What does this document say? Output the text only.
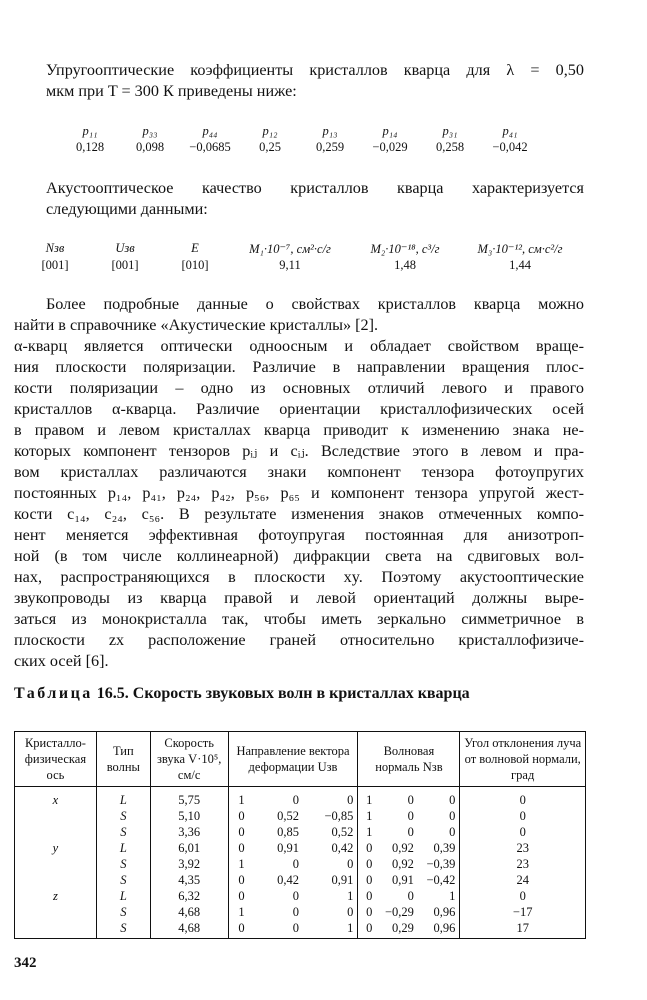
Упругооптические коэффициенты кристаллов кварца для λ = 0,50
мкм при T = 300 К приведены ниже:

p₁₁	p₃₃	p₄₄	p₁₂	p₁₃	p₁₄	p₃₁	p₄₁
0,128	0,098	−0,0685	0,25	0,259	−0,029	0,258	−0,042

Акустооптическое качество кристаллов кварца характеризуется
следующими данными:

Nзв	Uзв	E	M₁·10⁻⁷, см²·с/г	M₂·10⁻¹⁸, с³/г	M₃·10⁻¹², см·с²/г
[001]	[001]	[010]	9,11	1,48	1,44

Более подробные данные о свойствах кристаллов кварца можно
найти в справочнике «Акустические кристаллы» [2].
α-кварц является оптически одноосным и обладает свойством враще-
ния плоскости поляризации. Различие в направлении вращения плос-
кости поляризации – одно из основных отличий левого и правого
кристаллов α-кварца. Различие ориентации кристаллофизических осей
в правом и левом кристаллах кварца приводит к изменению знака не-
которых компонент тензоров pᵢⱼ и cᵢⱼ. Вследствие этого в левом и пра-
вом кристаллах различаются знаки компонент тензора фотоупругих
постоянных p₁₄, p₄₁, p₂₄, p₄₂, p₅₆, p₆₅ и компонент тензора упругой жест-
кости c₁₄, c₂₄, c₅₆. В результате изменения знаков отмеченных компо-
нент меняется эффективная фотоупругая постоянная для анизотроп-
ной (в том числе коллинеарной) дифракции света на сдвиговых вол-
нах, распространяющихся в плоскости xy. Поэтому акустооптические
звукопроводы из кварца правой и левой ориентаций должны выре-
заться из монокристалла так, чтобы иметь зеркально симметричное в
плоскости zx расположение граней относительно кристаллофизиче-
ских осей [6].

Таблица 16.5. Скорость звуковых волн в кристаллах кварца
Кристалло-физическая ось	Тип волны	Скорость звука V·10⁵, см/с	Направление вектора деформации Uзв	Волновая нормаль Nзв	Угол отклонения луча от волновой нормали, град
x	L	5,75	1 0 0	1 0 0	0
	S	5,10	0 0,52 −0,85	1 0 0	0
	S	3,36	0 0,85 0,52	1 0 0	0
y	L	6,01	0 0,91 0,42	0 0,92 0,39	23
	S	3,92	1 0 0	0 0,92 −0,39	23
	S	4,35	0 0,42 0,91	0 0,91 −0,42	24
z	L	6,32	0 0 1	0 0 1	0
	S	4,68	1 0 0	0 −0,29 0,96	−17
	S	4,68	0 0 1	0 0,29 0,96	17
342
